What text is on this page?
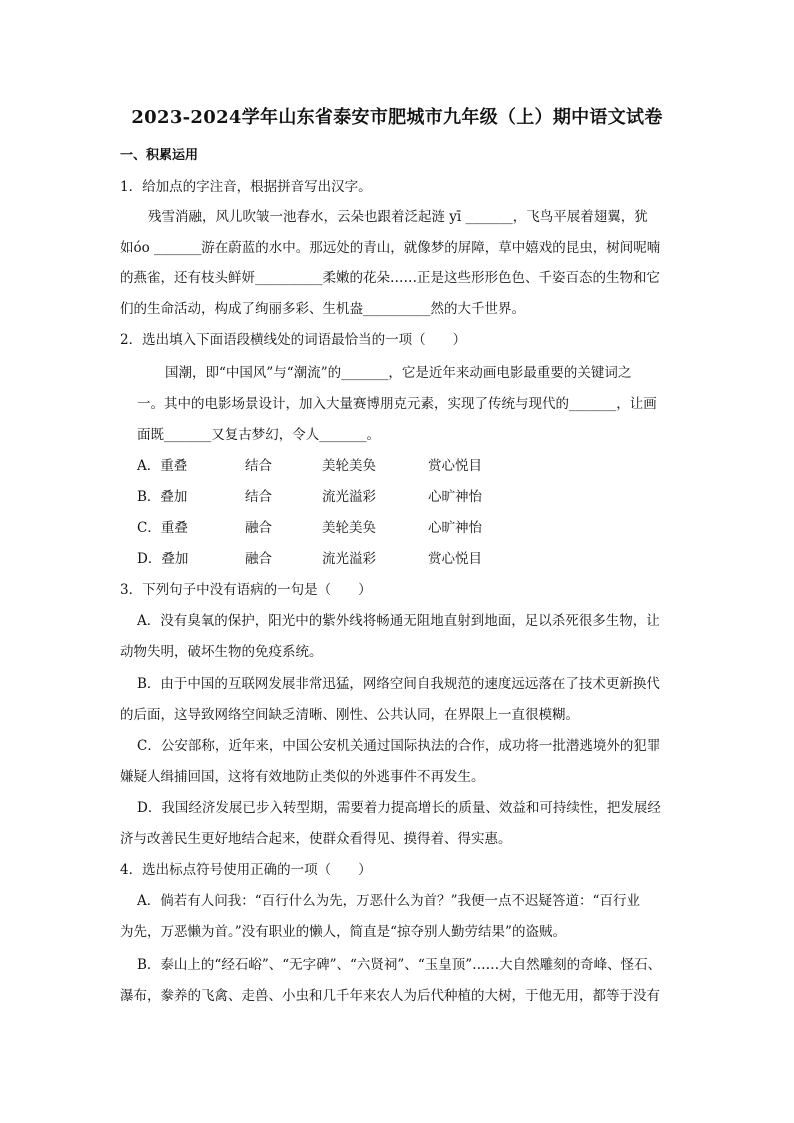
2023-2024学年山东省泰安市肥城市九年级（上）期中语文试卷
一、积累运用
1．给加点的字注音，根据拼音写出汉字。
残雪消融，风儿吹皱一池春水，云朵也跟着泛起涟 yī _______，飞鸟平展着翅翼，犹
如óo _______游在蔚蓝的水中。那远处的青山，就像梦的屏障，草中嬉戏的昆虫，树间呢喃
的燕雀，还有枝头鲜妍__________柔嫩的花朵……正是这些形形色色、千姿百态的生物和它
们的生命活动，构成了绚丽多彩、生机盎__________然的大千世界。
2．选出填入下面语段横线处的词语最恰当的一项（　　）
国潮，即“中国风”与“潮流”的_______，它是近年来动画电影最重要的关键词之
一。其中的电影场景设计，加入大量赛博朋克元素，实现了传统与现代的_______，让画
面既_______又复古梦幻，令人_______。
A．重叠	结合	美轮美奂	赏心悦目
B．叠加	结合	流光溢彩	心旷神怡
C．重叠	融合	美轮美奂	心旷神怡
D．叠加	融合	流光溢彩	赏心悦目
3．下列句子中没有语病的一句是（　　）
A．没有臭氧的保护，阳光中的紫外线将畅通无阻地直射到地面，足以杀死很多生物，让
动物失明，破坏生物的免疫系统。
B．由于中国的互联网发展非常迅猛，网络空间自我规范的速度远远落在了技术更新换代
的后面，这导致网络空间缺乏清晰、刚性、公共认同，在界限上一直很模糊。
C．公安部称，近年来，中国公安机关通过国际执法的合作，成功将一批潜逃境外的犯罪
嫌疑人缉捕回国，这将有效地防止类似的外逃事件不再发生。
D．我国经济发展已步入转型期，需要着力提高增长的质量、效益和可持续性，把发展经
济与改善民生更好地结合起来，使群众看得见、摸得着、得实惠。
4．选出标点符号使用正确的一项（　　）
A．倘若有人问我：“百行什么为先，万恶什么为首？”我便一点不迟疑答道：“百行业
为先，万恶懒为首。”没有职业的懒人，简直是“掠夺别人勤劳结果”的盗贼。
B．泰山上的“经石峪”、“无字碑”、“六贤祠”、“玉皇顶”……大自然雕刻的奇峰、怪石、
瀑布，豢养的飞禽、走兽、小虫和几千年来农人为后代种植的大树，于他无用，都等于没有
